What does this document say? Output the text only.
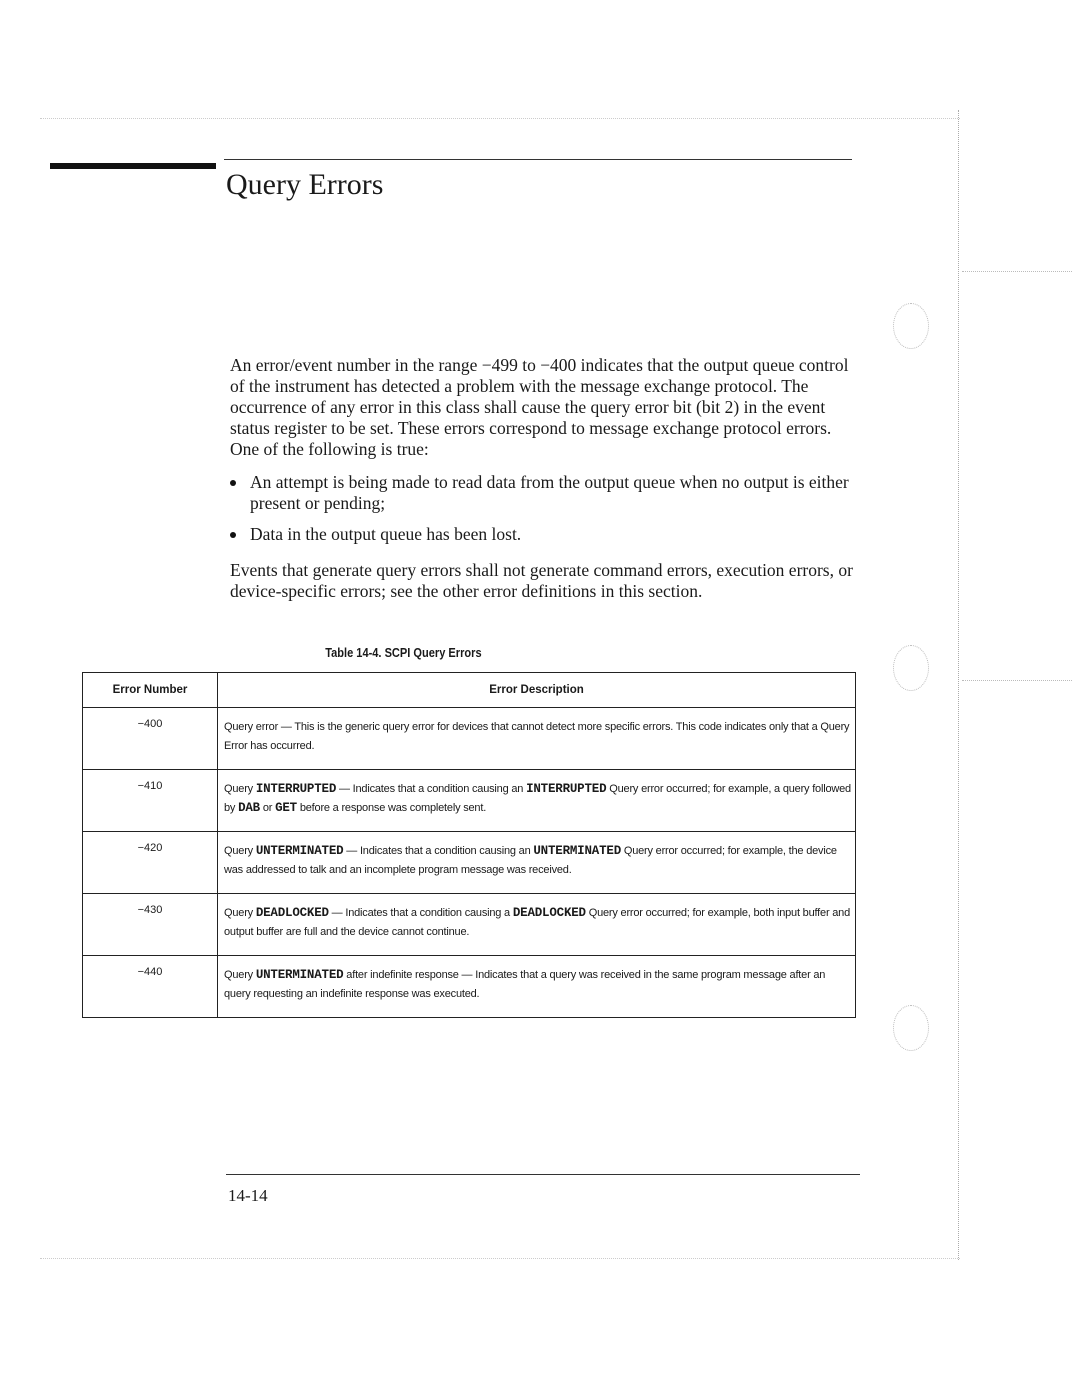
Query Errors

An error/event number in the range −499 to −400 indicates that the output queue control of the instrument has detected a problem with the message exchange protocol. The occurrence of any error in this class shall cause the query error bit (bit 2) in the event status register to be set. These errors correspond to message exchange protocol errors. One of the following is true:

An attempt is being made to read data from the output queue when no output is either present or pending;
Data in the output queue has been lost.

Events that generate query errors shall not generate command errors, execution errors, or device-specific errors; see the other error definitions in this section.

Table 14-4. SCPI Query Errors
Error Number	Error Description
−400	Query error — This is the generic query error for devices that cannot detect more specific errors. This code indicates only that a Query Error has occurred.
−410	Query INTERRUPTED — Indicates that a condition causing an INTERRUPTED Query error occurred; for example, a query followed by DAB or GET before a response was completely sent.
−420	Query UNTERMINATED — Indicates that a condition causing an UNTERMINATED Query error occurred; for example, the device was addressed to talk and an incomplete program message was received.
−430	Query DEADLOCKED — Indicates that a condition causing a DEADLOCKED Query error occurred; for example, both input buffer and output buffer are full and the device cannot continue.
−440	Query UNTERMINATED after indefinite response — Indicates that a query was received in the same program message after an query requesting an indefinite response was executed.
14-14
